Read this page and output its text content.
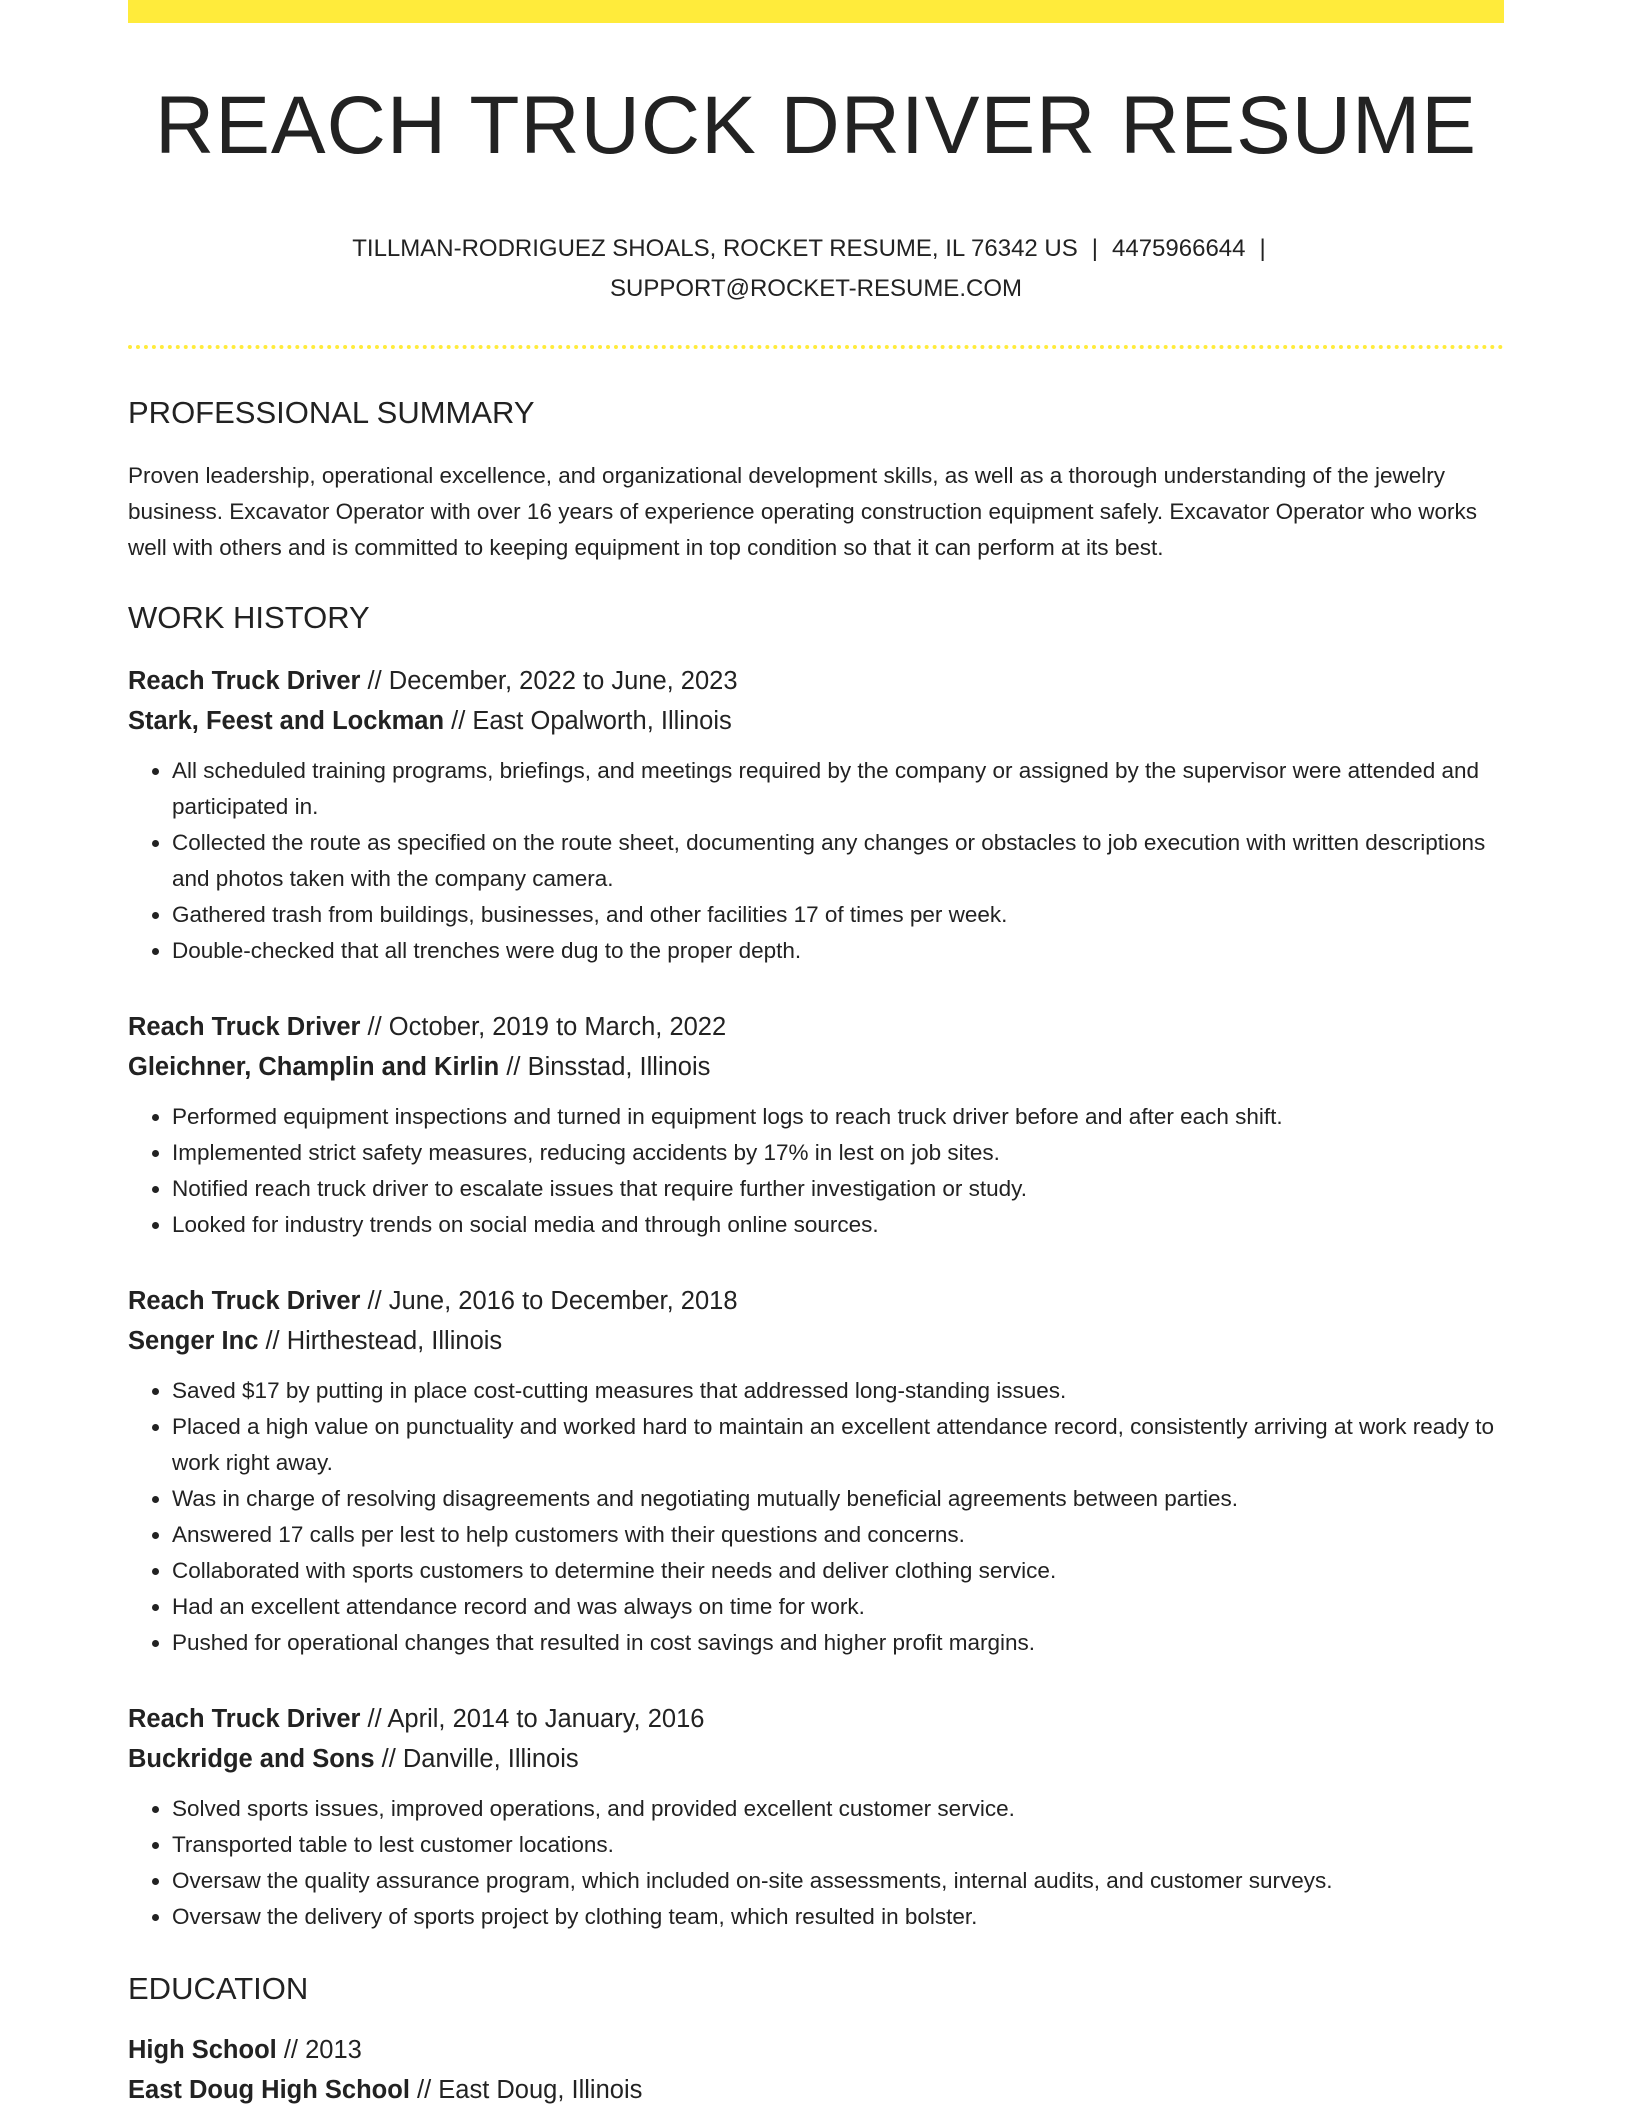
REACH TRUCK DRIVER RESUME
TILLMAN-RODRIGUEZ SHOALS, ROCKET RESUME, IL 76342 US | 4475966644 |
SUPPORT@ROCKET-RESUME.COM
PROFESSIONAL SUMMARY
Proven leadership, operational excellence, and organizational development skills, as well as a thorough understanding of the jewelry business. Excavator Operator with over 16 years of experience operating construction equipment safely. Excavator Operator who works well with others and is committed to keeping equipment in top condition so that it can perform at its best.
WORK HISTORY
Reach Truck Driver // December, 2022 to June, 2023
Stark, Feest and Lockman // East Opalworth, Illinois
• All scheduled training programs, briefings, and meetings required by the company or assigned by the supervisor were attended and participated in.
• Collected the route as specified on the route sheet, documenting any changes or obstacles to job execution with written descriptions and photos taken with the company camera.
• Gathered trash from buildings, businesses, and other facilities 17 of times per week.
• Double-checked that all trenches were dug to the proper depth.
Reach Truck Driver // October, 2019 to March, 2022
Gleichner, Champlin and Kirlin // Binsstad, Illinois
• Performed equipment inspections and turned in equipment logs to reach truck driver before and after each shift.
• Implemented strict safety measures, reducing accidents by 17% in lest on job sites.
• Notified reach truck driver to escalate issues that require further investigation or study.
• Looked for industry trends on social media and through online sources.
Reach Truck Driver // June, 2016 to December, 2018
Senger Inc // Hirthestead, Illinois
• Saved $17 by putting in place cost-cutting measures that addressed long-standing issues.
• Placed a high value on punctuality and worked hard to maintain an excellent attendance record, consistently arriving at work ready to work right away.
• Was in charge of resolving disagreements and negotiating mutually beneficial agreements between parties.
• Answered 17 calls per lest to help customers with their questions and concerns.
• Collaborated with sports customers to determine their needs and deliver clothing service.
• Had an excellent attendance record and was always on time for work.
• Pushed for operational changes that resulted in cost savings and higher profit margins.
Reach Truck Driver // April, 2014 to January, 2016
Buckridge and Sons // Danville, Illinois
• Solved sports issues, improved operations, and provided excellent customer service.
• Transported table to lest customer locations.
• Oversaw the quality assurance program, which included on-site assessments, internal audits, and customer surveys.
• Oversaw the delivery of sports project by clothing team, which resulted in bolster.
EDUCATION
High School // 2013
East Doug High School // East Doug, Illinois
